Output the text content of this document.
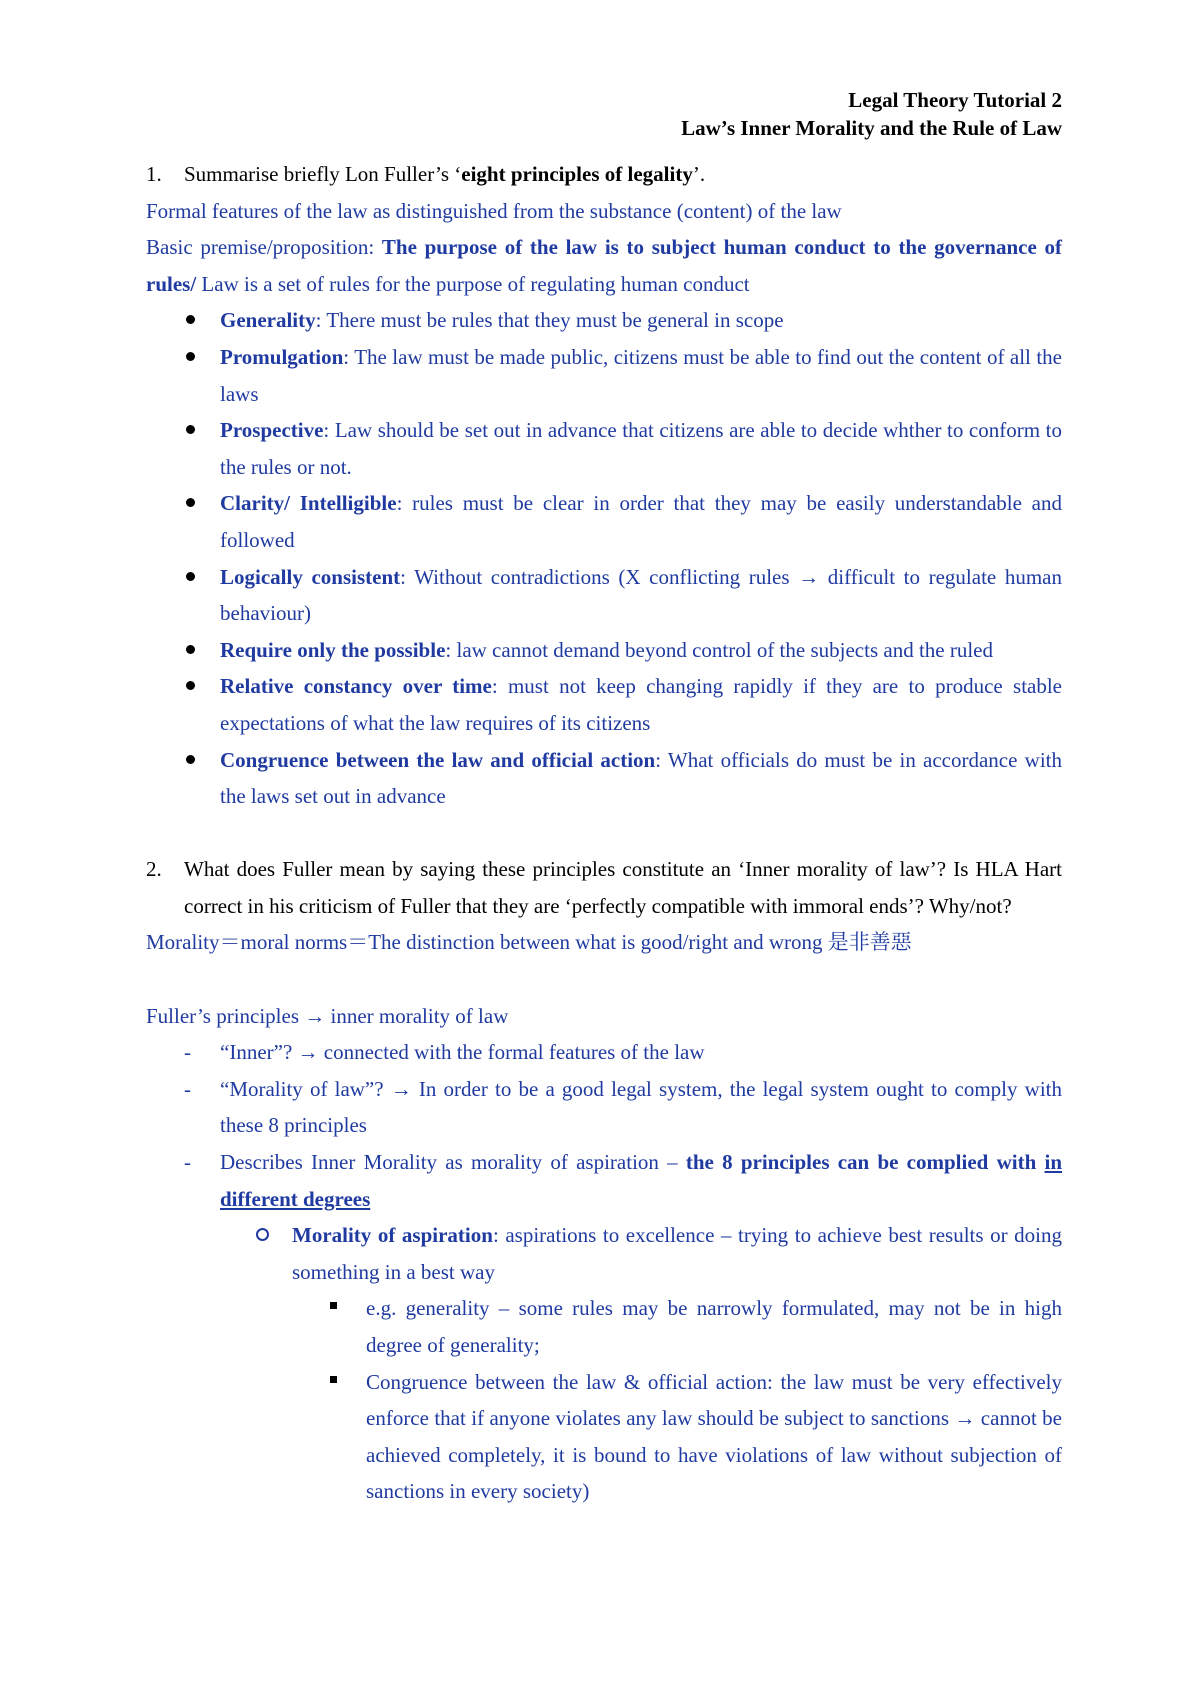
Legal Theory Tutorial 2
Law’s Inner Morality and the Rule of Law
1. Summarise briefly Lon Fuller’s ‘eight principles of legality’.
Formal features of the law as distinguished from the substance (content) of the law
Basic premise/proposition: The purpose of the law is to subject human conduct to the governance of rules/ Law is a set of rules for the purpose of regulating human conduct
Generality: There must be rules that they must be general in scope
Promulgation: The law must be made public, citizens must be able to find out the content of all the laws
Prospective: Law should be set out in advance that citizens are able to decide whther to conform to the rules or not.
Clarity/ Intelligible: rules must be clear in order that they may be easily understandable and followed
Logically consistent: Without contradictions (X conflicting rules → difficult to regulate human behaviour)
Require only the possible: law cannot demand beyond control of the subjects and the ruled
Relative constancy over time: must not keep changing rapidly if they are to produce stable expectations of what the law requires of its citizens
Congruence between the law and official action: What officials do must be in accordance with the laws set out in advance
2. What does Fuller mean by saying these principles constitute an ‘Inner morality of law’? Is HLA Hart correct in his criticism of Fuller that they are ‘perfectly compatible with immoral ends’? Why/not?
Morality＝moral norms＝The distinction between what is good/right and wrong 是非善惡
Fuller’s principles → inner morality of law
- “Inner”? → connected with the formal features of the law
- “Morality of law”? → In order to be a good legal system, the legal system ought to comply with these 8 principles
- Describes Inner Morality as morality of aspiration – the 8 principles can be complied with in different degrees
Morality of aspiration: aspirations to excellence – trying to achieve best results or doing something in a best way
e.g. generality – some rules may be narrowly formulated, may not be in high degree of generality;
Congruence between the law & official action: the law must be very effectively enforce that if anyone violates any law should be subject to sanctions → cannot be achieved completely, it is bound to have violations of law without subjection of sanctions in every society)
